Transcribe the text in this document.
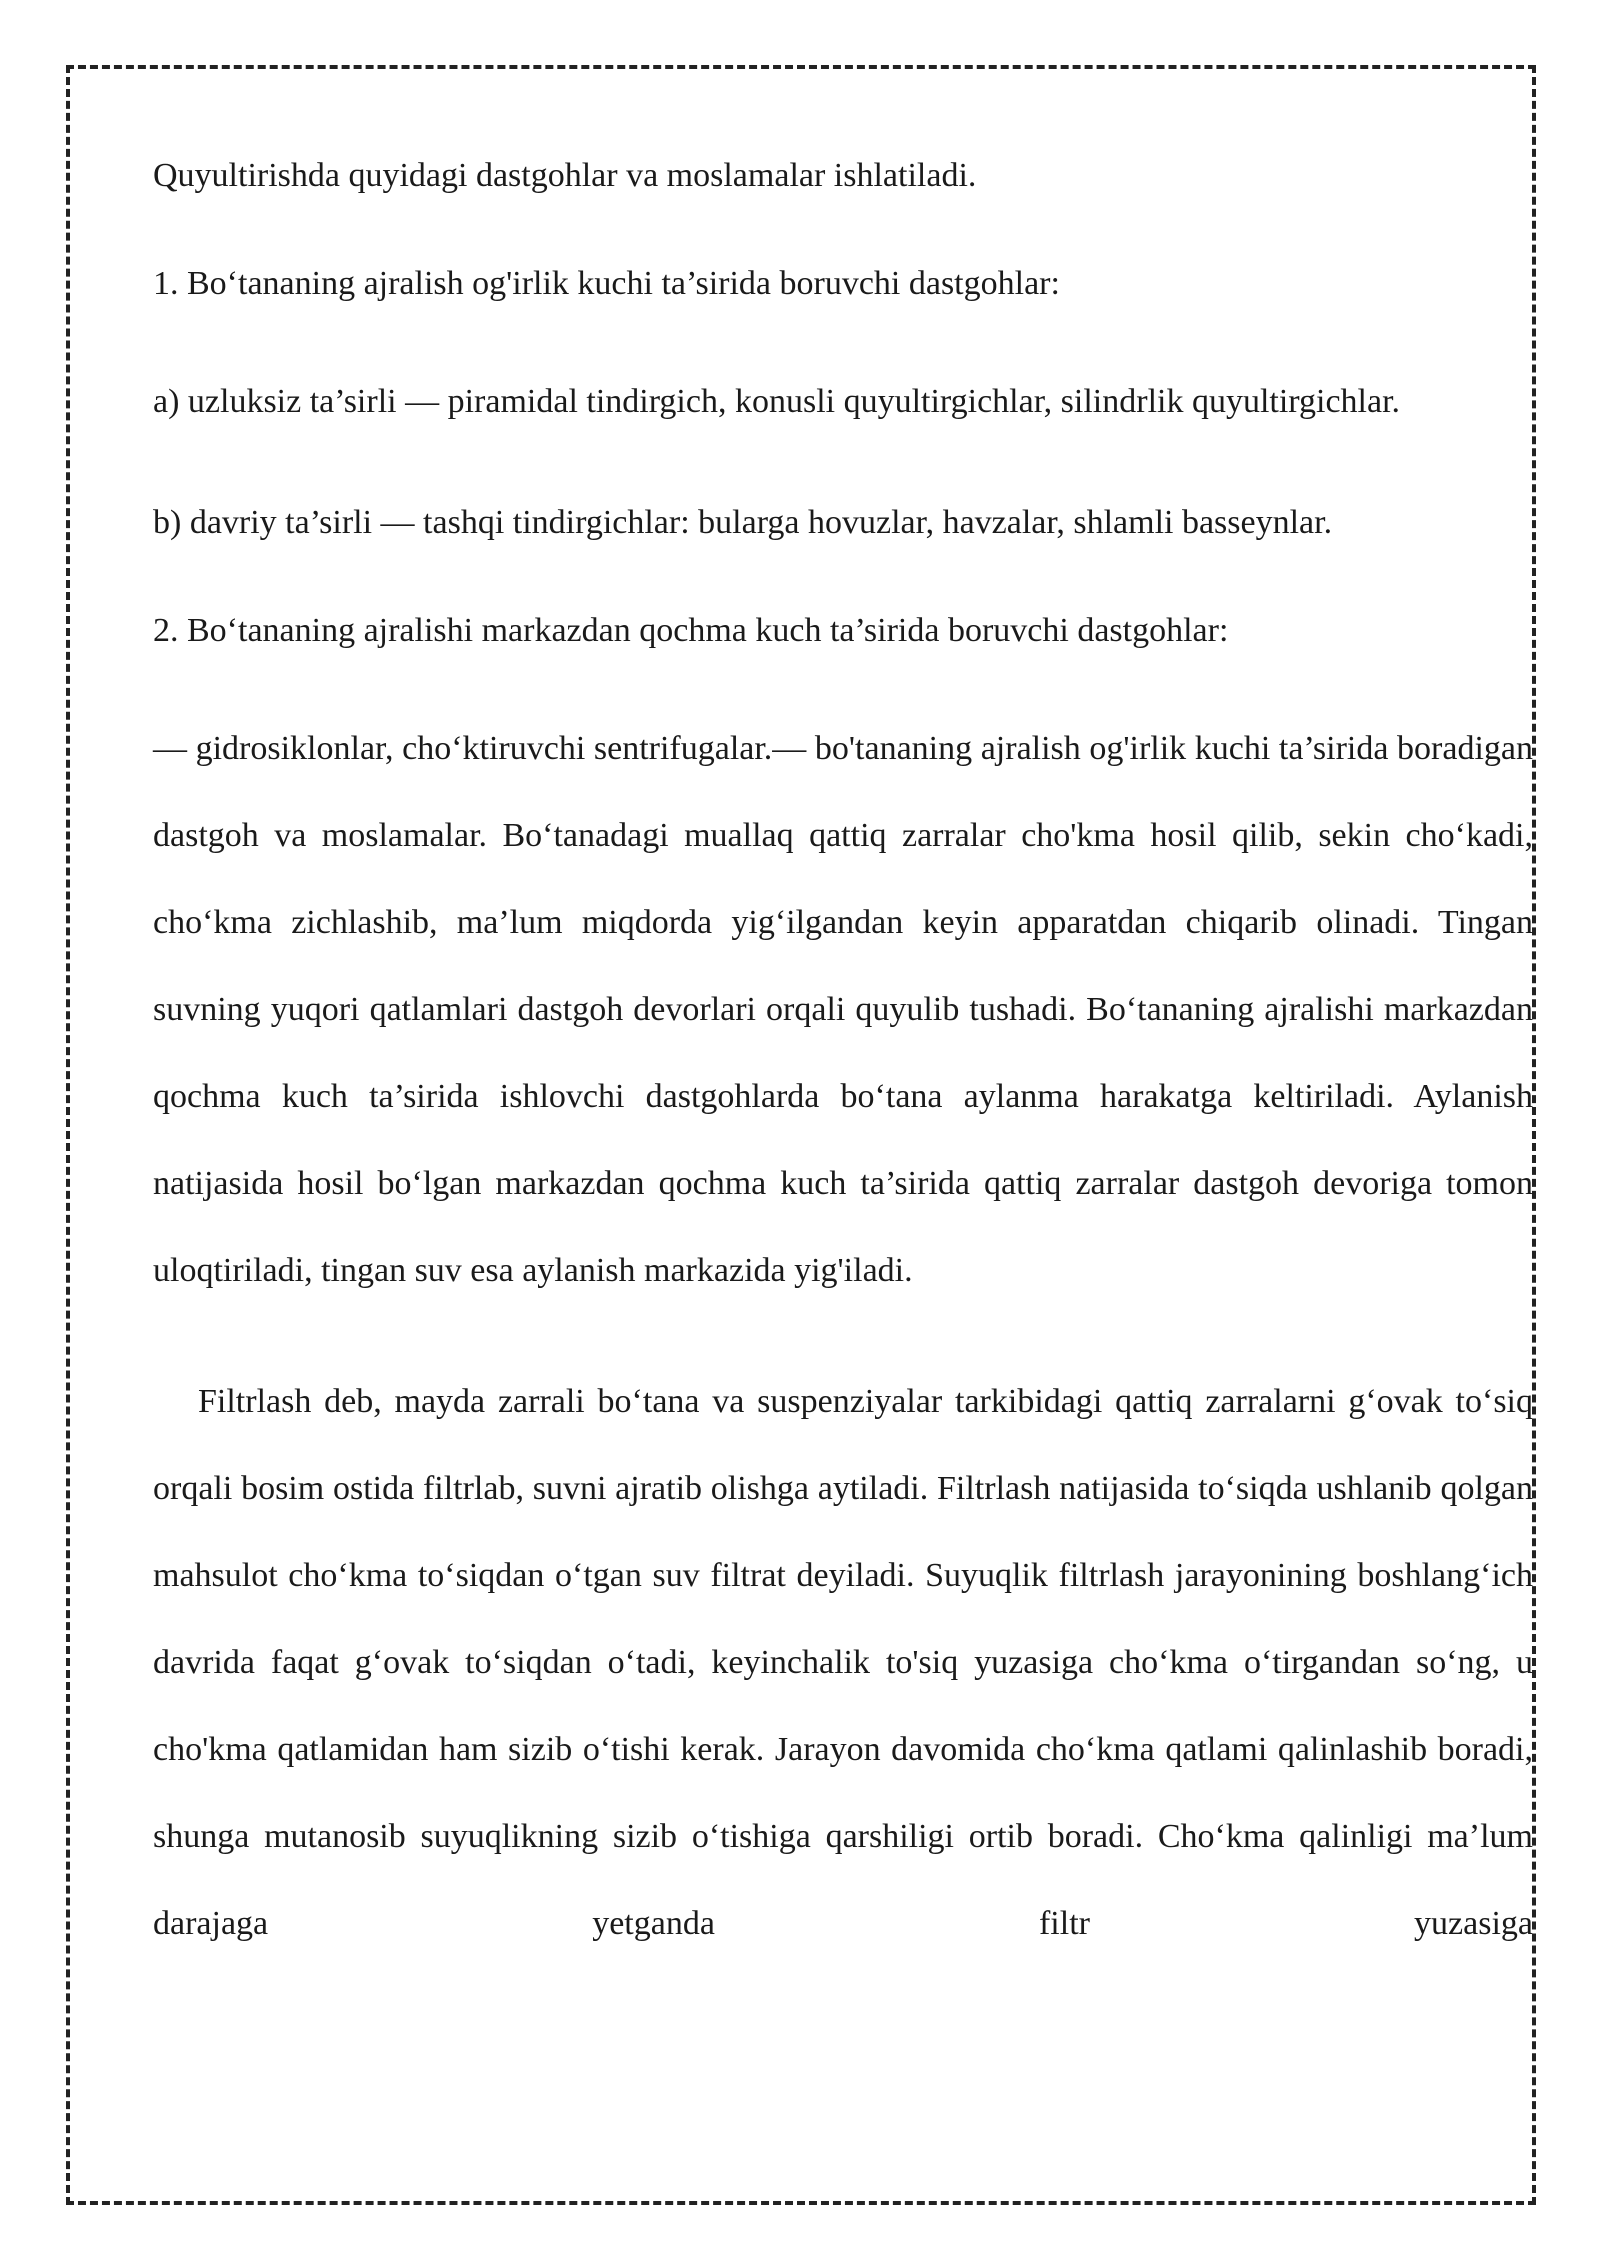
Quyultirishda quyidagi dastgohlar va moslamalar ishlatiladi.

1. Bo‘tananing ajralish og'irlik kuchi ta’sirida boruvchi dastgohlar:

a) uzluksiz ta’sirli — piramidal tindirgich, konusli quyultirgichlar, silindrlik quyultirgichlar.

b) davriy ta’sirli — tashqi tindirgichlar: bularga hovuzlar, havzalar, shlamli basseynlar.

2. Bo‘tananing ajralishi markazdan qochma kuch ta’sirida boruvchi dastgohlar:

— gidrosiklonlar, cho‘ktiruvchi sentrifugalar.— bo'tananing ajralish og'irlik kuchi ta’sirida boradigan dastgoh va moslamalar. Bo‘tanadagi muallaq qattiq zarralar cho'kma hosil qilib, sekin cho‘kadi, cho‘kma zichlashib, ma’lum miqdorda yig‘ilgandan keyin apparatdan chiqarib olinadi. Tingan suvning yuqori qatlamlari dastgoh devorlari orqali quyulib tushadi. Bo‘tananing ajralishi markazdan qochma kuch ta’sirida ishlovchi dastgohlarda bo‘tana aylanma harakatga keltiriladi. Aylanish natijasida hosil bo‘lgan markazdan qochma kuch ta’sirida qattiq zarralar dastgoh devoriga tomon uloqtiriladi, tingan suv esa aylanish markazida yig'iladi.

Filtrlash deb, mayda zarrali bo‘tana va suspenziyalar tarkibidagi qattiq zarralarni g‘ovak to‘siq orqali bosim ostida filtrlab, suvni ajratib olishga aytiladi. Filtrlash natijasida to‘siqda ushlanib qolgan mahsulot cho‘kma to‘siqdan o‘tgan suv filtrat deyiladi. Suyuqlik filtrlash jarayonining boshlang‘ich davrida faqat g‘ovak to‘siqdan o‘tadi, keyinchalik to'siq yuzasiga cho‘kma o‘tirgandan so‘ng, u cho'kma qatlamidan ham sizib o‘tishi kerak. Jarayon davomida cho‘kma qatlami qalinlashib boradi, shunga mutanosib suyuqlikning sizib o‘tishiga qarshiligi ortib boradi. Cho‘kma qalinligi ma’lum darajaga yetganda filtr yuzasiga
